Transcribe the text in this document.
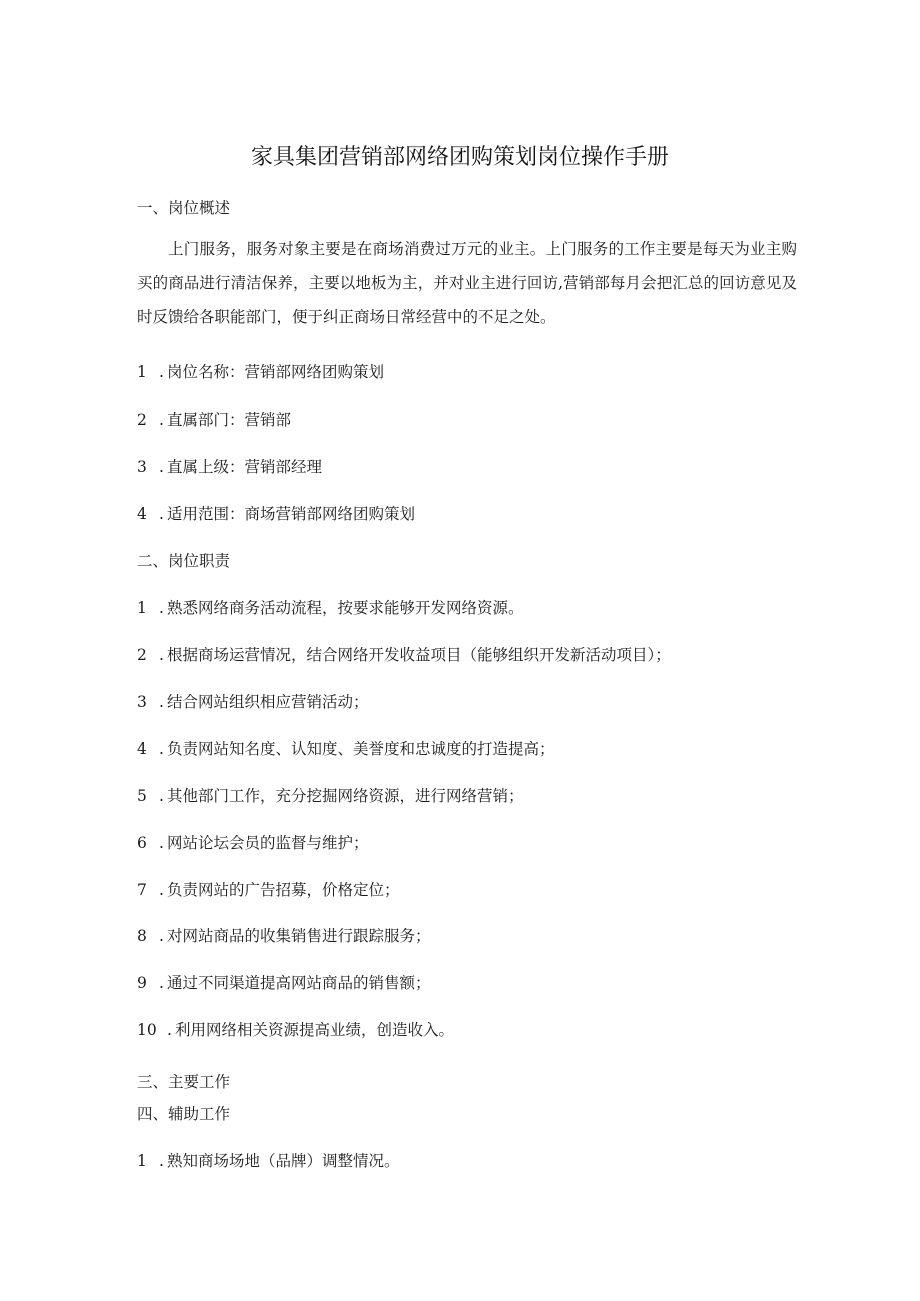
家具集团营销部网络团购策划岗位操作手册
一、岗位概述
上门服务，服务对象主要是在商场消费过万元的业主。上门服务的工作主要是每天为业主购买的商品进行清洁保养，主要以地板为主，并对业主进行回访,营销部每月会把汇总的回访意见及时反馈给各职能部门，便于纠正商场日常经营中的不足之处。
1 . 岗位名称：营销部网络团购策划
2 . 直属部门：营销部
3 . 直属上级：营销部经理
4 . 适用范围：商场营销部网络团购策划
二、岗位职责
1 . 熟悉网络商务活动流程，按要求能够开发网络资源。
2 . 根据商场运营情况，结合网络开发收益项目（能够组织开发新活动项目）；
3 . 结合网站组织相应营销活动；
4 . 负责网站知名度、认知度、美誉度和忠诚度的打造提高；
5 . 其他部门工作，充分挖掘网络资源，进行网络营销；
6 . 网站论坛会员的监督与维护；
7 . 负责网站的广告招募，价格定位；
8 . 对网站商品的收集销售进行跟踪服务；
9 . 通过不同渠道提高网站商品的销售额；
10 . 利用网络相关资源提高业绩，创造收入。
三、主要工作
四、辅助工作
1 . 熟知商场场地（品牌）调整情况。
